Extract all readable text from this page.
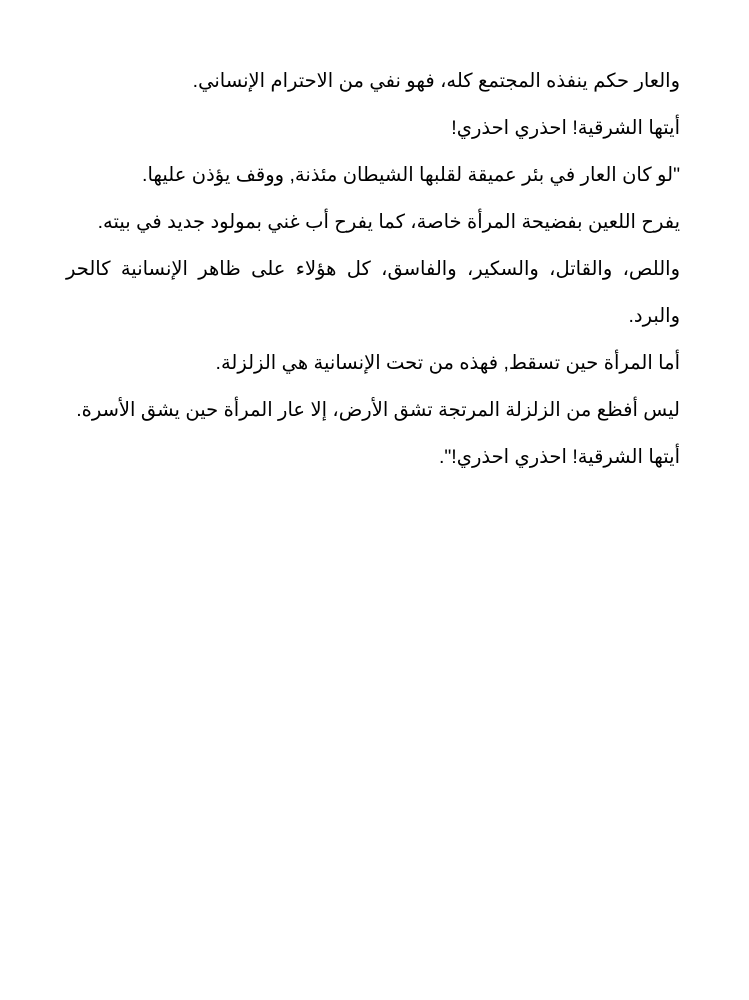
والعار حكم ينفذه المجتمع كله، فهو نفي من الاحترام الإنساني.

أيتها الشرقية! احذري احذري!

"لو كان العار في بئر عميقة لقلبها الشيطان مئذنة, ووقف يؤذن عليها.

يفرح اللعين بفضيحة المرأة خاصة، كما يفرح أب غني بمولود جديد في بيته.

واللص، والقاتل، والسكير، والفاسق، كل هؤلاء على ظاهر الإنسانية كالحر والبرد.

أما المرأة حين تسقط, فهذه من تحت الإنسانية هي الزلزلة.

ليس أفظع من الزلزلة المرتجة تشق الأرض، إلا عار المرأة حين يشق الأسرة.

أيتها الشرقية! احذري احذري!".
